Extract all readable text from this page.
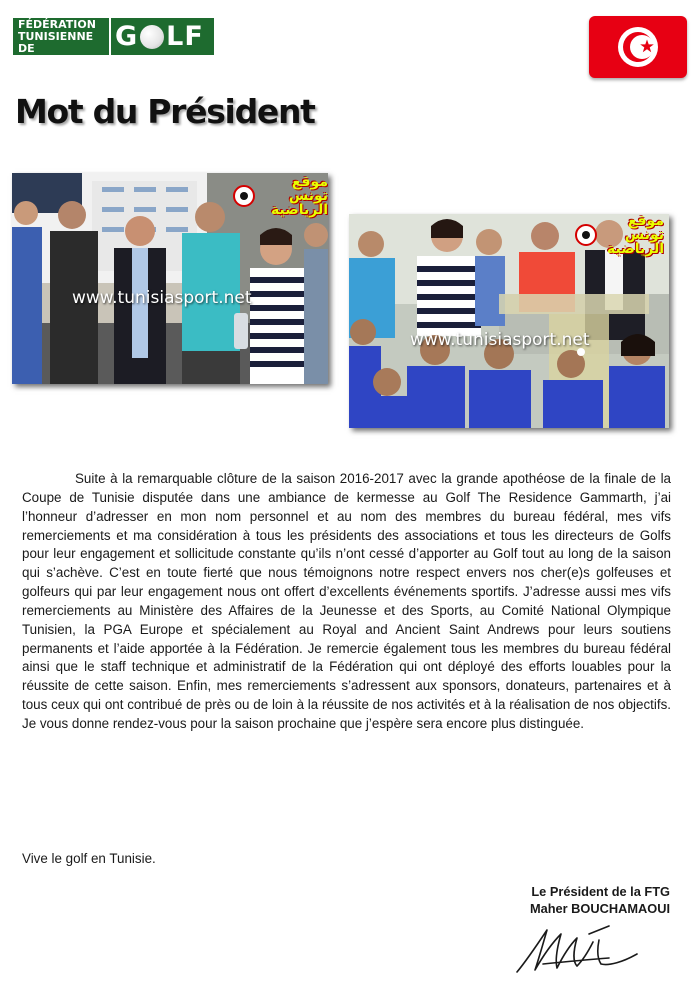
FÉDÉRATION
TUNISIENNE DE	G LF
Mot du Président
www.tunisiasport.net
موقع تونس الرياضية
www.tunisiasport.net
موقع تونس الرياضية

Suite à la remarquable clôture de la saison 2016-2017 avec la grande apothéose de la finale de la Coupe de Tunisie disputée dans une ambiance de kermesse au Golf The Residence Gammarth, j’ai l’honneur d’adresser en mon nom personnel et au nom des membres du bureau fédéral, mes vifs remerciements et ma considération à tous les présidents des associations et tous les directeurs de Golfs pour leur engagement et sollicitude constante qu’ils n’ont cessé d’apporter au Golf tout au long de la saison qui s’achève. C’est en toute fierté que nous témoignons notre respect envers nos cher(e)s golfeuses et golfeurs qui par leur engagement nous ont offert d’excellents événements sportifs. J’adresse aussi mes vifs remerciements au Ministère des Affaires de la Jeunesse et des Sports, au Comité National Olympique Tunisien, la PGA Europe et spécialement au Royal and Ancient Saint Andrews pour leurs soutiens permanents et l’aide apportée à la Fédération. Je remercie également tous les membres du bureau fédéral ainsi que le staff technique et administratif de la Fédération qui ont déployé des efforts louables pour la réussite de cette saison. Enfin, mes remerciements s’adressent aux sponsors, donateurs, partenaires et à tous ceux qui ont contribué de près ou de loin à la réussite de nos activités et à la réalisation de nos objectifs. Je vous donne rendez-vous pour la saison prochaine que j’espère sera encore plus distinguée.

Vive le golf en Tunisie.

Le Président de la FTG

Maher BOUCHAMAOUI
